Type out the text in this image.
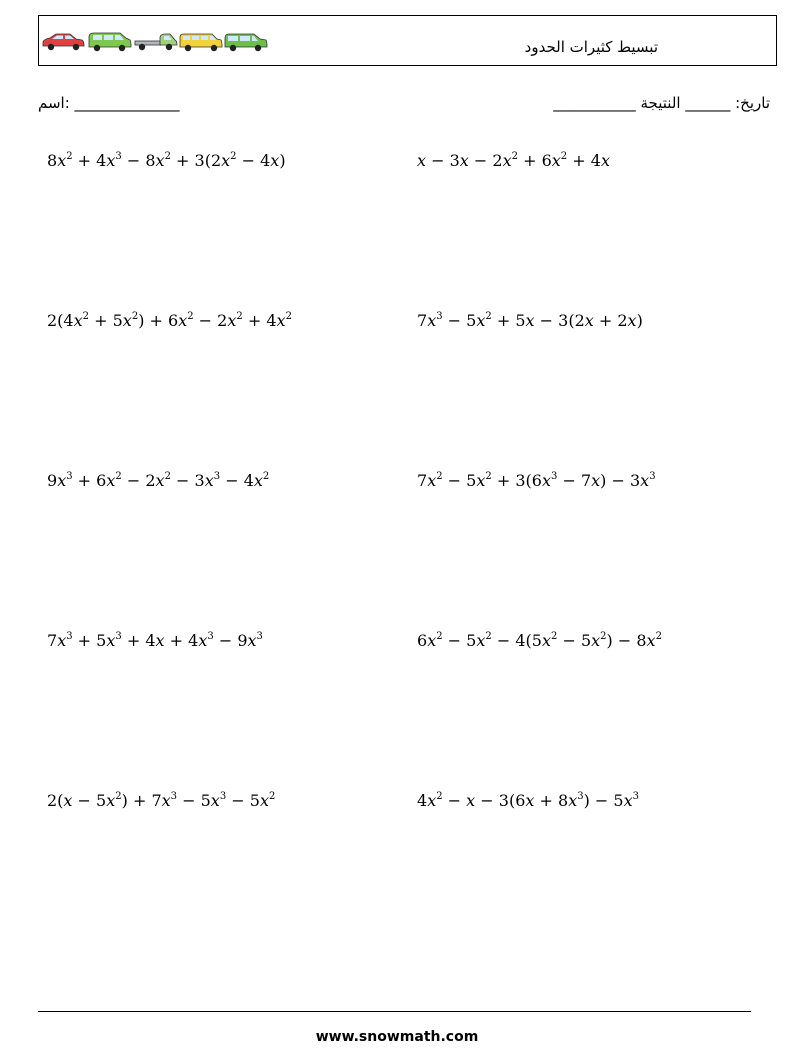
تبسيط كثيرات الحدود
اسم: ______________	تاريخ: ______ النتيجة ___________
$8x^2 + 4x^3 - 8x^2 + 3(2x^2 - 4x)$	$x - 3x - 2x^2 + 6x^2 + 4x$
$2(4x^2 + 5x^2) + 6x^2 - 2x^2 + 4x^2$	$7x^3 - 5x^2 + 5x - 3(2x + 2x)$
$9x^3 + 6x^2 - 2x^2 - 3x^3 - 4x^2$	$7x^2 - 5x^2 + 3(6x^3 - 7x) - 3x^3$
$7x^3 + 5x^3 + 4x + 4x^3 - 9x^3$	$6x^2 - 5x^2 - 4(5x^2 - 5x^2) - 8x^2$
$2(x - 5x^2) + 7x^3 - 5x^3 - 5x^2$	$4x^2 - x - 3(6x + 8x^3) - 5x^3$
www.snowmath.com
